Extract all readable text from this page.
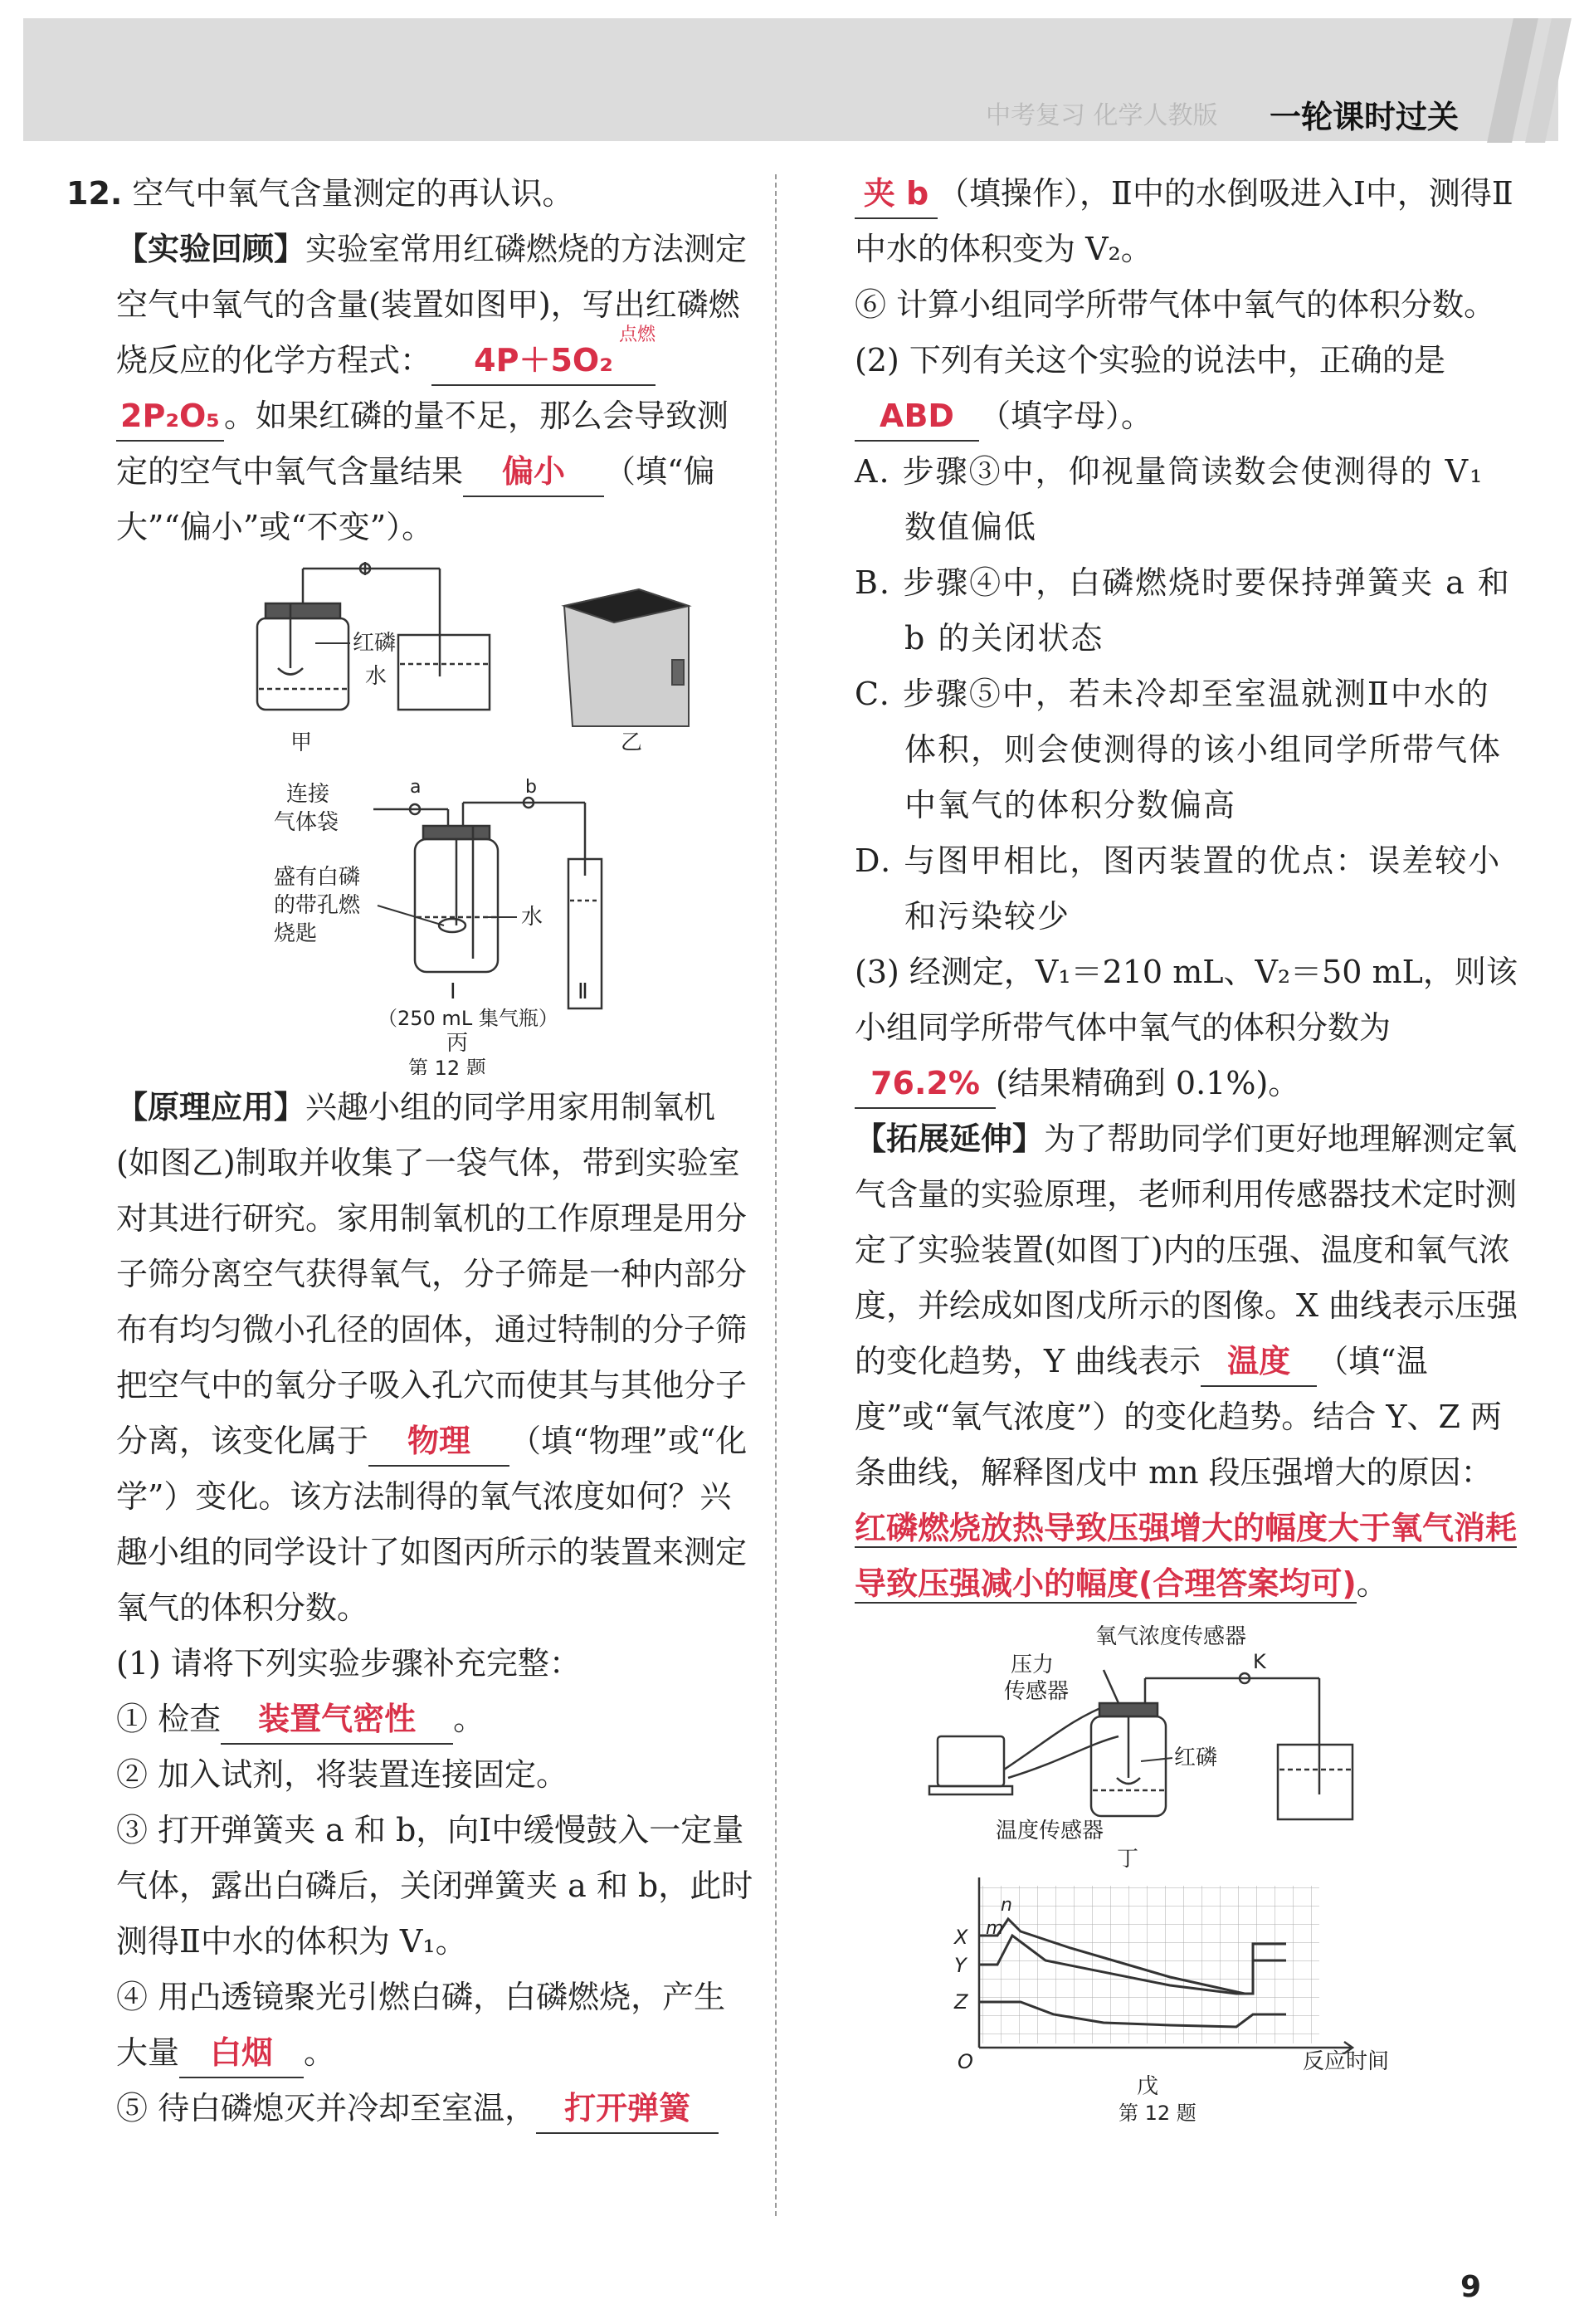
中考复习 化学人教版 一轮课时过关
12. 空气中氧气含量测定的再认识。
【实验回顾】实验室常用红磷燃烧的方法测定空气中氧气的含量(装置如图甲)，写出红磷燃烧反应的化学方程式： 4P＋5O₂
点燃

2P₂O₅ 。如果红磷的量不足，那么会导致测定的空气中氧气含量结果 偏小 （填“偏大”“偏小”或“不变”）。
红磷
水
甲	乙
连接
气体袋
a	b
盛有白磷
的带孔燃
烧匙
水
Ⅰ	Ⅱ
（250 mL 集气瓶）
丙
第 12 题
【原理应用】兴趣小组的同学用家用制氧机(如图乙)制取并收集了一袋气体，带到实验室对其进行研究。家用制氧机的工作原理是用分子筛分离空气获得氧气，分子筛是一种内部分布有均匀微小孔径的固体，通过特制的分子筛把空气中的氧分子吸入孔穴而使其与其他分子分离，该变化属于 物理 （填“物理”或“化学”）变化。该方法制得的氧气浓度如何？兴趣小组的同学设计了如图丙所示的装置来测定氧气的体积分数。
(1) 请将下列实验步骤补充完整：
① 检查 装置气密性 。
② 加入试剂，将装置连接固定。
③ 打开弹簧夹 a 和 b，向Ⅰ中缓慢鼓入一定量气体，露出白磷后，关闭弹簧夹 a 和 b，此时测得Ⅱ中水的体积为 V₁。
④ 用凸透镜聚光引燃白磷，白磷燃烧，产生大量 白烟 。
⑤ 待白磷熄灭并冷却至室温， 打开弹簧
夹 b （填操作），Ⅱ中的水倒吸进入Ⅰ中，测得Ⅱ中水的体积变为 V₂。
⑥ 计算小组同学所带气体中氧气的体积分数。
(2) 下列有关这个实验的说法中，正确的是
ABD （填字母）。
A. 步骤③中，仰视量筒读数会使测得的 V₁ 数值偏低
B. 步骤④中，白磷燃烧时要保持弹簧夹 a 和 b 的关闭状态
C. 步骤⑤中，若未冷却至室温就测Ⅱ中水的体积，则会使测得的该小组同学所带气体中氧气的体积分数偏高
D. 与图甲相比，图丙装置的优点：误差较小和污染较少
(3) 经测定，V₁＝210 mL、V₂＝50 mL，则该小组同学所带气体中氧气的体积分数为76.2% (结果精确到 0.1%)。
【拓展延伸】为了帮助同学们更好地理解测定氧气含量的实验原理，老师利用传感器技术定时测定了实验装置(如图丁)内的压强、温度和氧气浓度，并绘成如图戊所示的图像。X 曲线表示压强的变化趋势，Y 曲线表示 温度 （填“温度”或“氧气浓度”）的变化趋势。结合 Y、Z 两条曲线，解释图戊中 mn 段压强增大的原因：红磷燃烧放热导致压强增大的幅度大于氧气消耗导致压强减小的幅度(合理答案均可)。
氧气浓度传感器
压力
传感器
K
红磷
温度传感器
丁
X
Y
Z
m
n
O	反应时间
戊
第 12 题
9
